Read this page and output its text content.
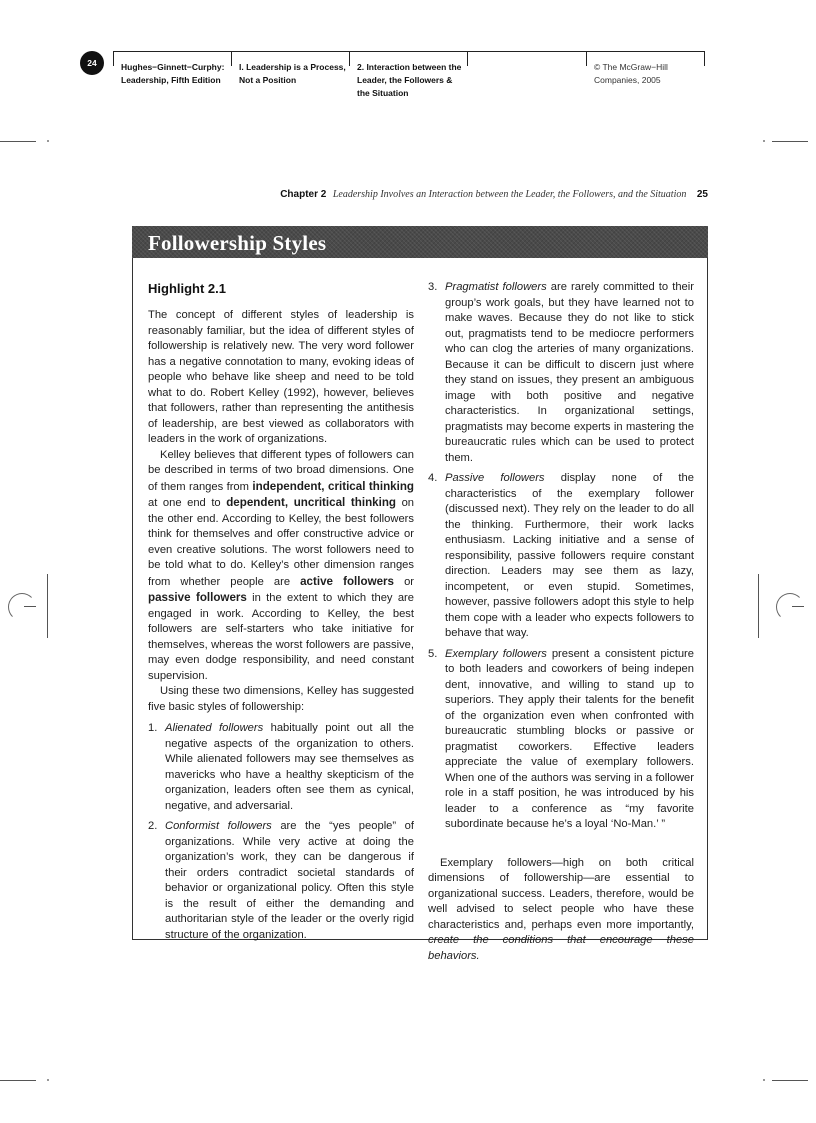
24	Hughes−Ginnett−Curphy:
Leadership, Fifth Edition
I. Leadership is a Process,
Not a Position
2. Interaction between the
Leader, the Followers &
the Situation
© The McGraw−Hill
Companies, 2005
Chapter 2 Leadership Involves an Interaction between the Leader, the Followers, and the Situation 25
Followership Styles
Highlight 2.1

The concept of different styles of leadership is reasonably familiar, but the idea of different styles of followership is relatively new. The very word follower has a negative connotation to many, evoking ideas of people who behave like sheep and need to be told what to do. Robert Kelley (1992), however, believes that followers, rather than representing the antithesis of leadership, are best viewed as collaborators with leaders in the work of organizations.

Kelley believes that different types of followers can be described in terms of two broad dimensions. One of them ranges from independent, critical thinking at one end to dependent, uncritical thinking on the other end. According to Kelley, the best followers think for themselves and offer constructive advice or even creative solutions. The worst followers need to be told what to do. Kelley’s other dimension ranges from whether people are active followers or passive followers in the extent to which they are engaged in work. According to Kelley, the best followers are self-starters who take initiative for themselves, whereas the worst followers are passive, may even dodge responsibility, and need constant supervision.

Using these two dimensions, Kelley has suggested five basic styles of followership:

1. Alienated followers habitually point out all the negative aspects of the organization to others. While alienated followers may see themselves as mavericks who have a healthy skepticism of the organization, leaders often see them as cynical, negative, and adversarial.

2. Conformist followers are the “yes people” of organizations. While very active at doing the organization’s work, they can be dangerous if their orders contradict societal standards of behavior or organizational policy. Often this style is the result of either the demanding and authoritarian style of the leader or the overly rigid structure of the organization.

3. Pragmatist followers are rarely committed to their group’s work goals, but they have learned not to make waves. Because they do not like to stick out, pragmatists tend to be mediocre performers who can clog the arteries of many organizations. Because it can be difficult to discern just where they stand on issues, they present an ambiguous image with both positive and negative characteristics. In organizational settings, pragmatists may become experts in mastering the bureaucratic rules which can be used to protect them.

4. Passive followers display none of the characteristics of the exemplary follower (discussed next). They rely on the leader to do all the thinking. Furthermore, their work lacks enthusiasm. Lacking initiative and a sense of responsibility, passive followers require constant direction. Leaders may see them as lazy, incompetent, or even stupid. Sometimes, however, passive followers adopt this style to help them cope with a leader who expects followers to behave that way.

5. Exemplary followers present a consistent picture to both leaders and coworkers of being indepen dent, innovative, and willing to stand up to superiors. They apply their talents for the benefit of the organization even when confronted with bureaucratic stumbling blocks or passive or pragmatist coworkers. Effective leaders appreciate the value of exemplary followers. When one of the authors was serving in a follower role in a staff position, he was introduced by his leader to a conference as “my favorite subordinate because he’s a loyal ‘No-Man.’ ”

Exemplary followers—high on both critical dimensions of followership—are essential to organizational success. Leaders, therefore, would be well advised to select people who have these characteristics and, perhaps even more importantly, create the conditions that encourage these behaviors.
